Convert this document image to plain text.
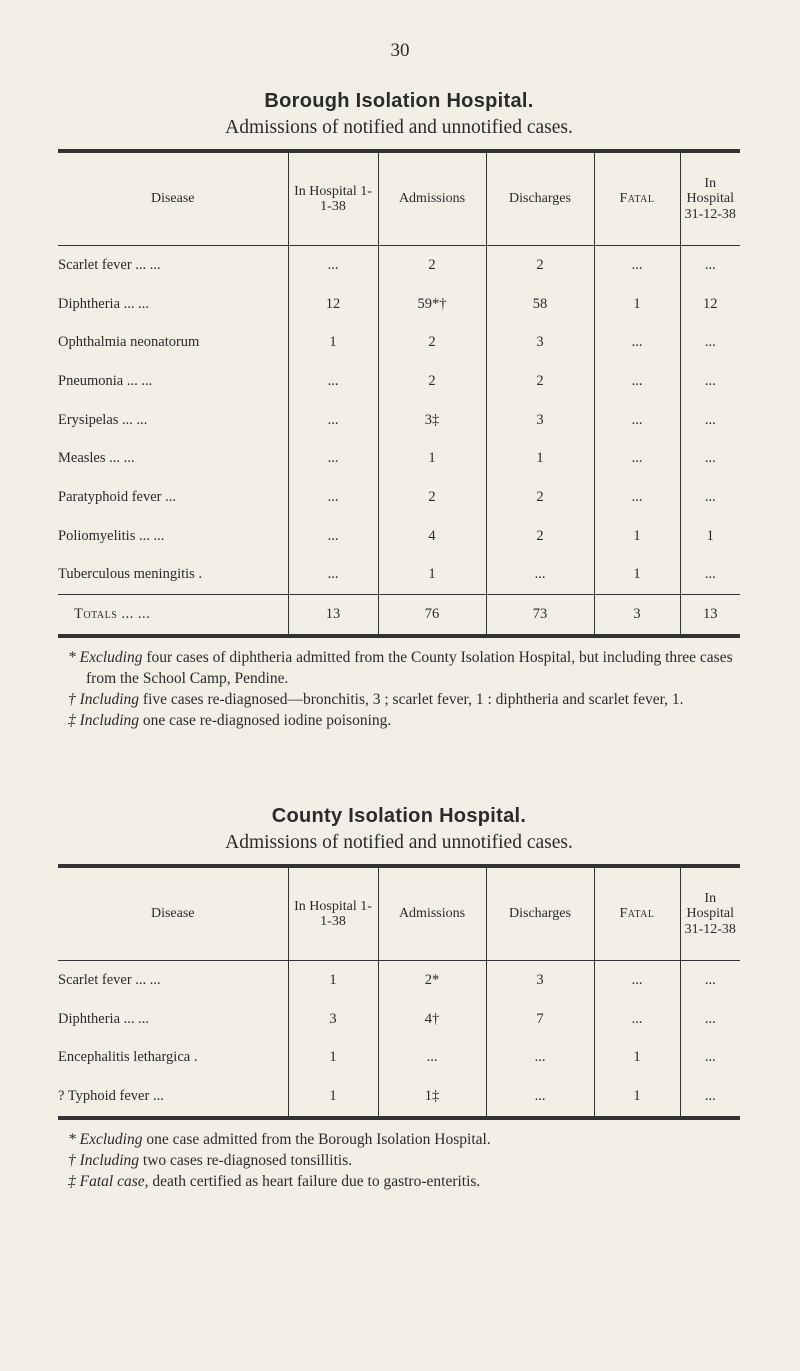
30
Borough Isolation Hospital.
Admissions of notified and unnotified cases.
Disease	In Hospital 1-1-38	Admissions	Discharges	Fatal	In Hospital 31-12-38
Scarlet fever ... ...	...	2	2	...	...
Diphtheria ... ...	12	59*†	58	1	12
Ophthalmia neonatorum	1	2	3	...	...
Pneumonia ... ...	...	2	2	...	...
Erysipelas ... ...	...	3‡	3	...	...
Measles ... ...	...	1	1	...	...
Paratyphoid fever ...	...	2	2	...	...
Poliomyelitis ... ...	...	4	2	1	1
Tuberculous meningitis .	...	1	...	1	...
Totals ... ...	13	76	73	3	13

* Excluding four cases of diphtheria admitted from the County Isolation Hospital, but including three cases from the School Camp, Pendine.

† Including five cases re-diagnosed—bronchitis, 3 ; scarlet fever, 1 : diphtheria and scarlet fever, 1.

‡ Including one case re-diagnosed iodine poisoning.

County Isolation Hospital.
Admissions of notified and unnotified cases.
Disease	In Hospital 1-1-38	Admissions	Discharges	Fatal	In Hospital 31-12-38
Scarlet fever ... ...	1	2*	3	...	...
Diphtheria ... ...	3	4†	7	...	...
Encephalitis lethargica .	1	...	...	1	...
? Typhoid fever ...	1	1‡	...	1	...

* Excluding one case admitted from the Borough Isolation Hospital.

† Including two cases re-diagnosed tonsillitis.

‡ Fatal case, death certified as heart failure due to gastro-enteritis.
